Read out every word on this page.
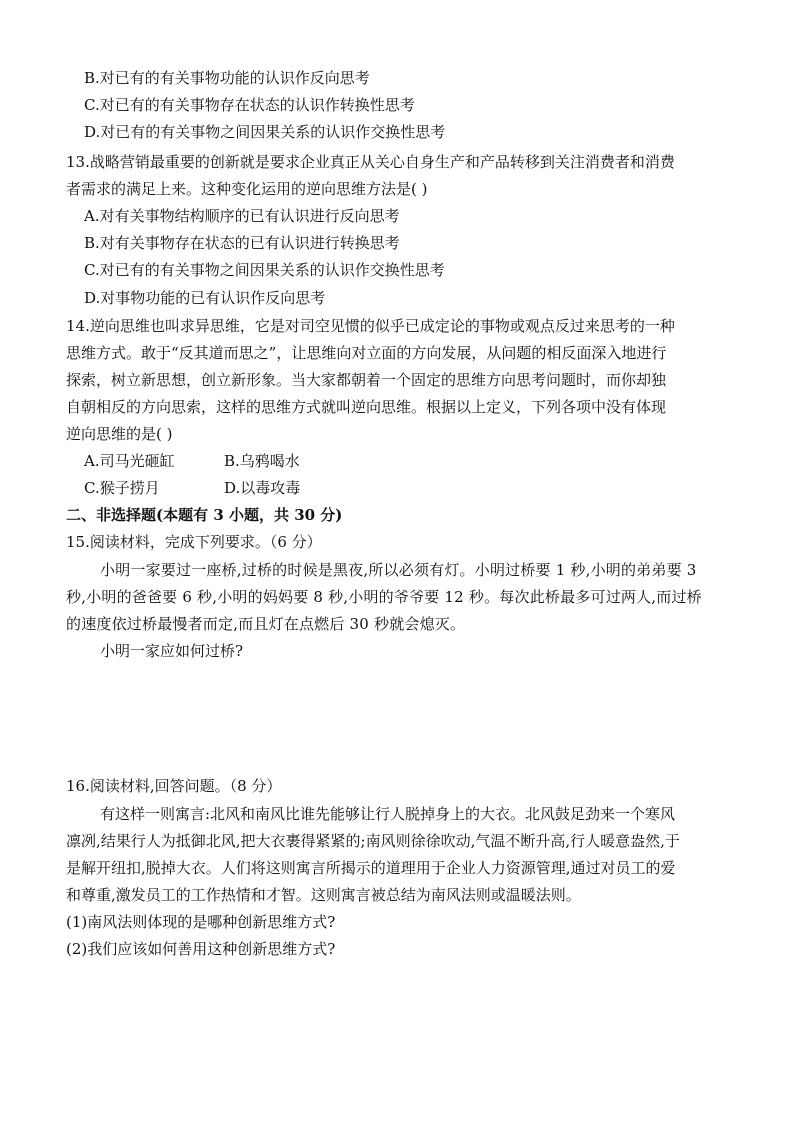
B.对已有的有关事物功能的认识作反向思考
C.对已有的有关事物存在状态的认识作转换性思考
D.对已有的有关事物之间因果关系的认识作交换性思考
13.战略营销最重要的创新就是要求企业真正从关心自身生产和产品转移到关注消费者和消费
者需求的满足上来。这种变化运用的逆向思维方法是( )
A.对有关事物结构顺序的已有认识进行反向思考
B.对有关事物存在状态的已有认识进行转换思考
C.对已有的有关事物之间因果关系的认识作交换性思考
D.对事物功能的已有认识作反向思考
14.逆向思维也叫求异思维，它是对司空见惯的似乎已成定论的事物或观点反过来思考的一种
思维方式。敢于“反其道而思之”，让思维向对立面的方向发展，从问题的相反面深入地进行
探索，树立新思想，创立新形象。当大家都朝着一个固定的思维方向思考问题时，而你却独
自朝相反的方向思索，这样的思维方式就叫逆向思维。根据以上定义，下列各项中没有体现
逆向思维的是( )
A.司马光砸缸	B.乌鸦喝水
C.猴子捞月	D.以毒攻毒
二、非选择题(本题有 3 小题，共 30 分)
15.阅读材料，完成下列要求。（6 分）
小明一家要过一座桥,过桥的时候是黑夜,所以必须有灯。小明过桥要 1 秒,小明的弟弟要 3
秒,小明的爸爸要 6 秒,小明的妈妈要 8 秒,小明的爷爷要 12 秒。每次此桥最多可过两人,而过桥
的速度依过桥最慢者而定,而且灯在点燃后 30 秒就会熄灭。
小明一家应如何过桥?
16.阅读材料,回答问题。（8 分）
有这样一则寓言:北风和南风比谁先能够让行人脱掉身上的大衣。北风鼓足劲来一个寒风
凛冽,结果行人为抵御北风,把大衣裹得紧紧的;南风则徐徐吹动,气温不断升高,行人暖意盎然,于
是解开纽扣,脱掉大衣。人们将这则寓言所揭示的道理用于企业人力资源管理,通过对员工的爱
和尊重,激发员工的工作热情和才智。这则寓言被总结为南风法则或温暖法则。
(1)南风法则体现的是哪种创新思维方式?
(2)我们应该如何善用这种创新思维方式?
